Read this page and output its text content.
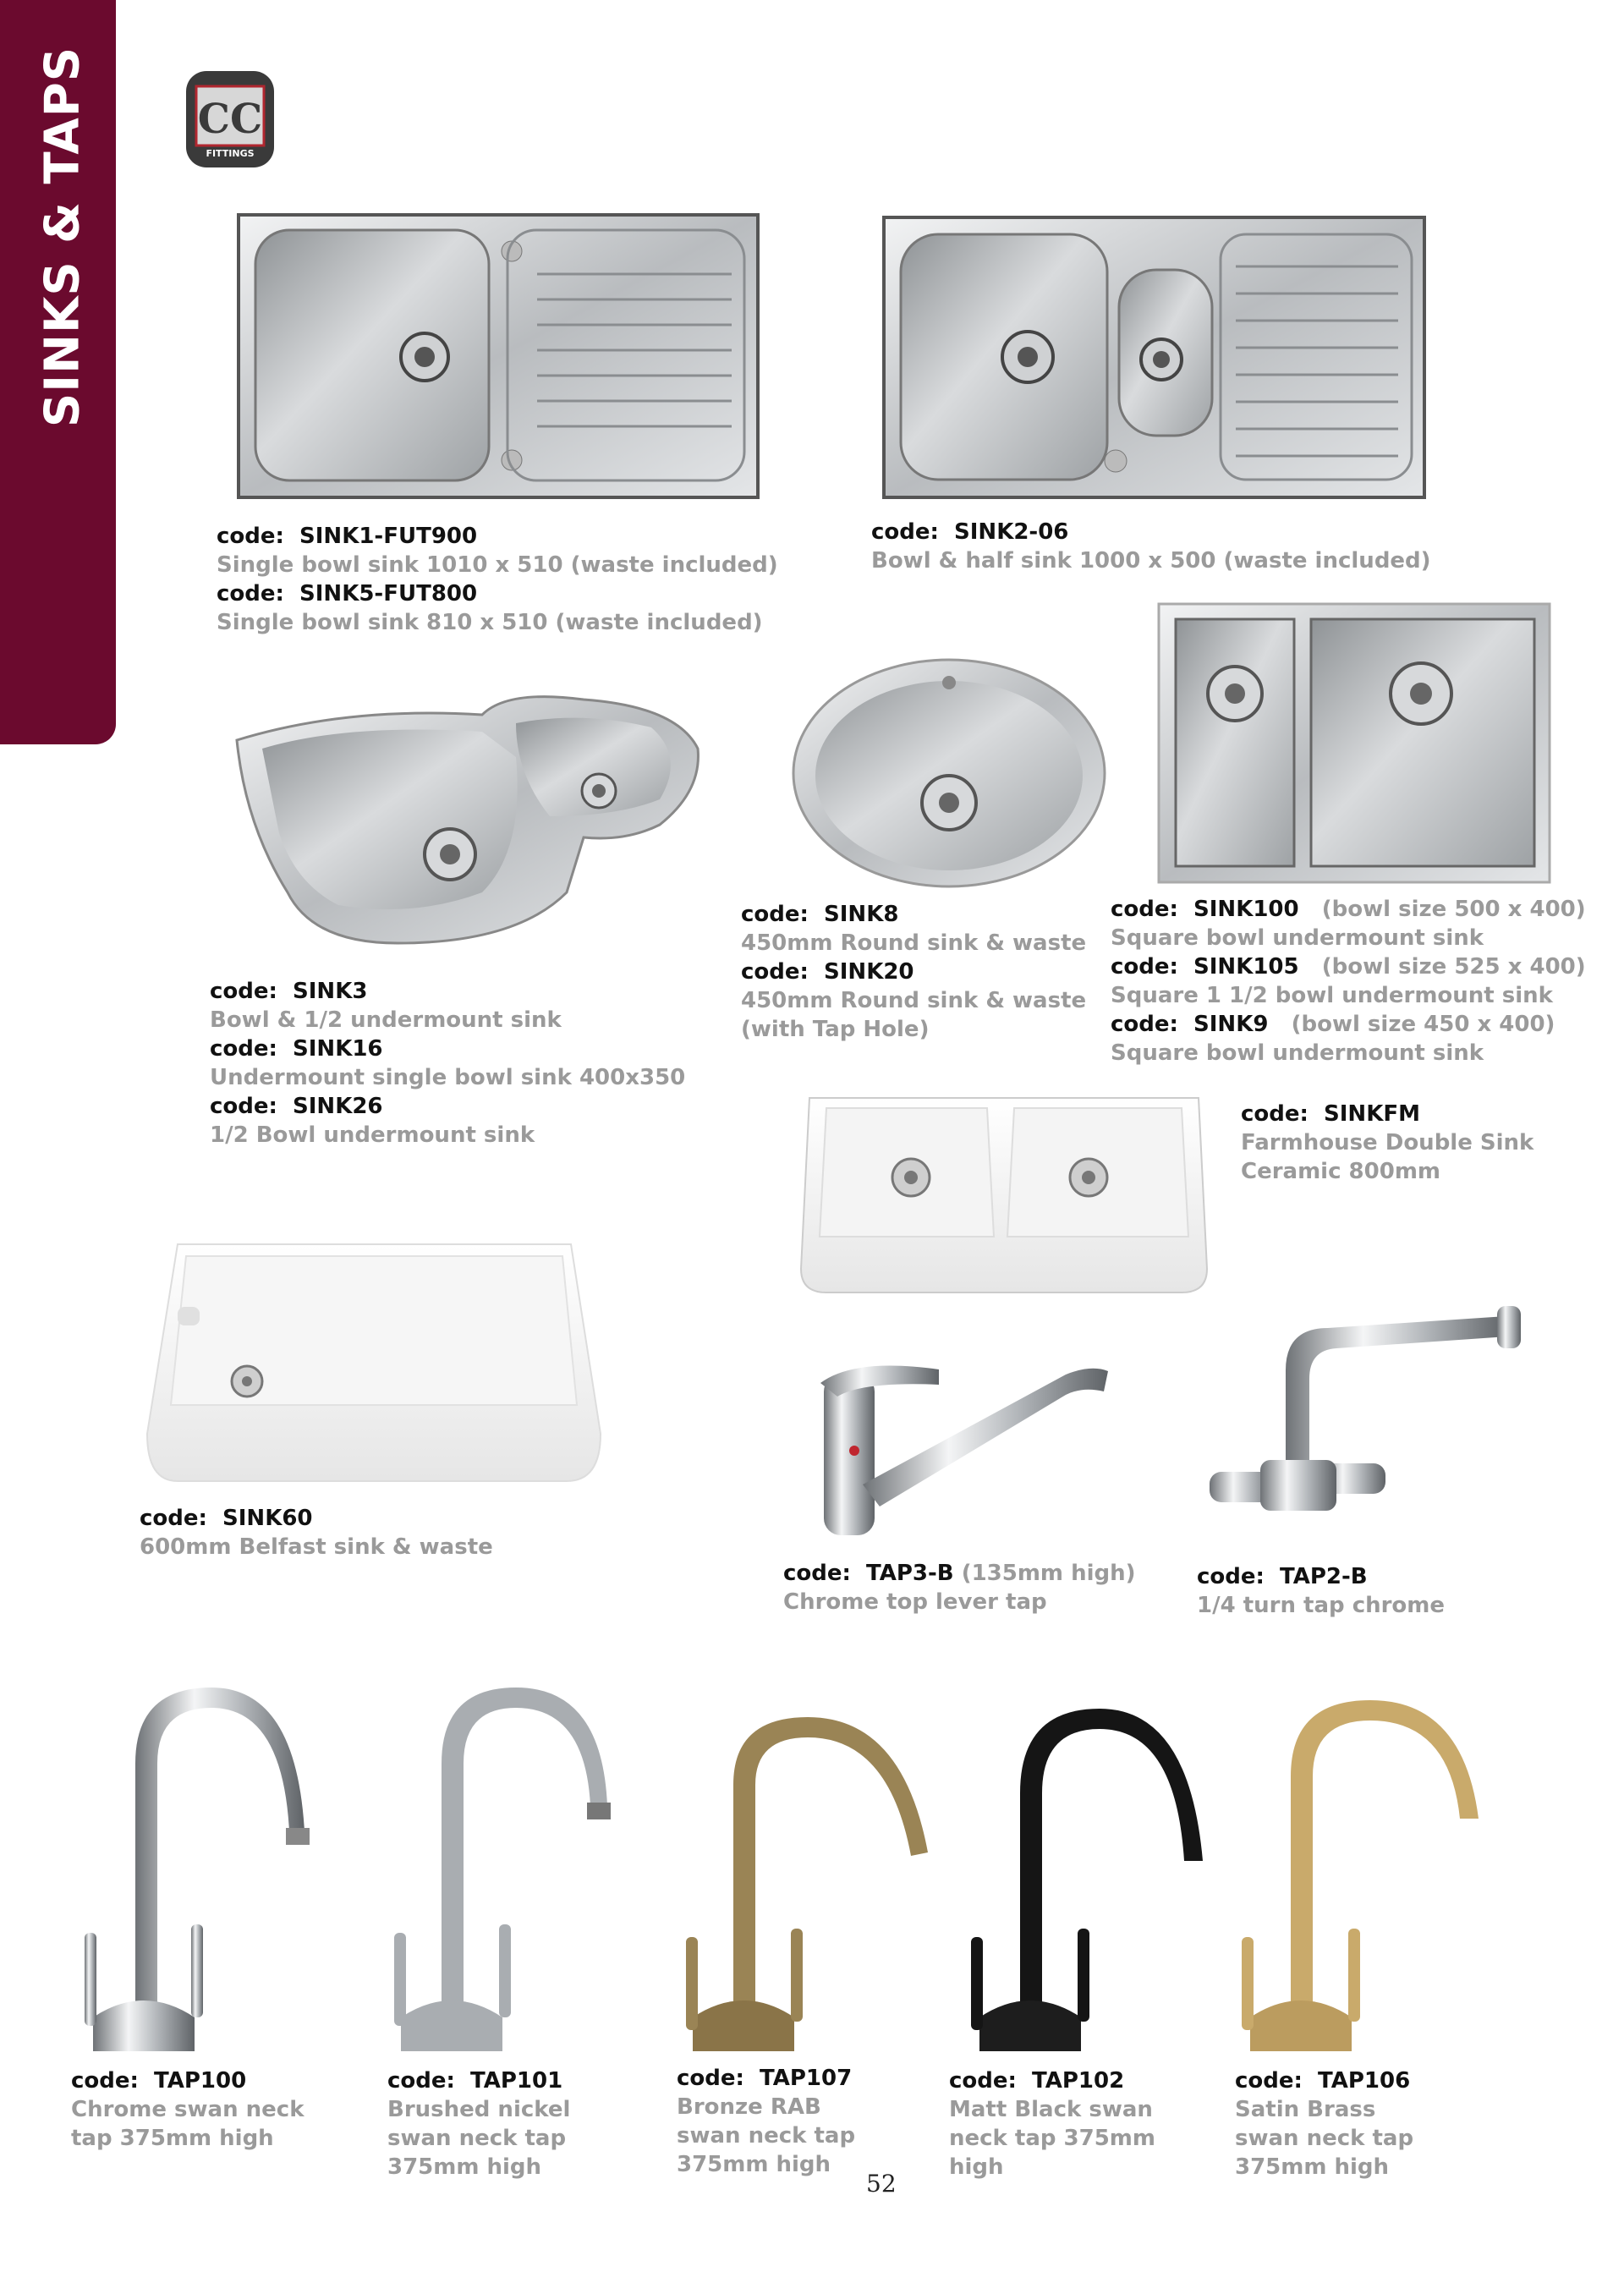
SINKS & TAPS	CC
FITTINGS
code: SINK1-FUT900
Single bowl sink 1010 x 510 (waste included)
code: SINK5-FUT800
Single bowl sink 810 x 510 (waste included)
code: SINK2-06
Bowl & half sink 1000 x 500 (waste included)
code: SINK8
450mm Round sink & waste
code: SINK20
450mm Round sink & waste
(with Tap Hole)
code: SINK100 (bowl size 500 x 400)
Square bowl undermount sink
code: SINK105 (bowl size 525 x 400)
Square 1 1/2 bowl undermount sink
code: SINK9 (bowl size 450 x 400)
Square bowl undermount sink
code: SINK3
Bowl & 1/2 undermount sink
code: SINK16
Undermount single bowl sink 400x350
code: SINK26
1/2 Bowl undermount sink
code: SINKFM
Farmhouse Double Sink
Ceramic 800mm
code: SINK60
600mm Belfast sink & waste
code: TAP3-B (135mm high)
Chrome top lever tap
code: TAP2-B
1/4 turn tap chrome
code: TAP100
Chrome swan neck
tap 375mm high
code: TAP101
Brushed nickel
swan neck tap
375mm high
code: TAP107
Bronze RAB
swan neck tap
375mm high
code: TAP102
Matt Black swan
neck tap 375mm
high
code: TAP106
Satin Brass
swan neck tap
375mm high
52
